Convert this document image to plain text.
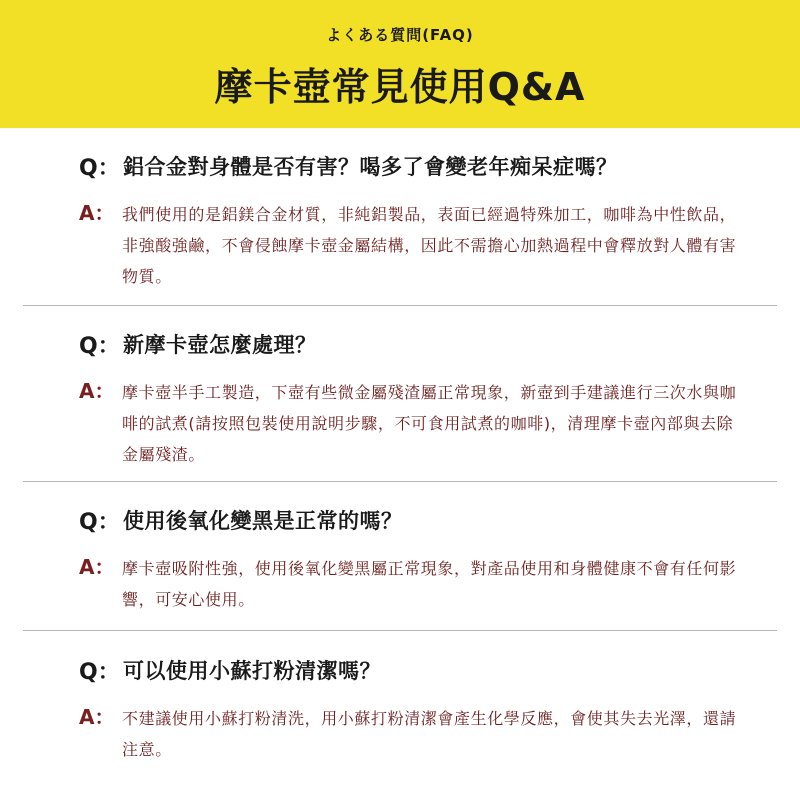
よくある質問(FAQ)
摩卡壺常見使用Q&A
Q： 鋁合金對身體是否有害？喝多了會變老年痴呆症嗎？
A： 我們使用的是鋁鎂合金材質，非純鋁製品，表面已經過特殊加工，咖啡為中性飲品，非強酸強鹼，不會侵蝕摩卡壺金屬結構，因此不需擔心加熱過程中會釋放對人體有害物質。
Q： 新摩卡壺怎麼處理？
A： 摩卡壺半手工製造，下壺有些微金屬殘渣屬正常現象，新壺到手建議進行三次水與咖啡的試煮(請按照包裝使用說明步驟，不可食用試煮的咖啡)，清理摩卡壺內部與去除金屬殘渣。
Q： 使用後氧化變黑是正常的嗎？
A： 摩卡壺吸附性強，使用後氧化變黑屬正常現象，對產品使用和身體健康不會有任何影響，可安心使用。
Q： 可以使用小蘇打粉清潔嗎？
A： 不建議使用小蘇打粉清洗，用小蘇打粉清潔會產生化學反應，會使其失去光澤，還請注意。
